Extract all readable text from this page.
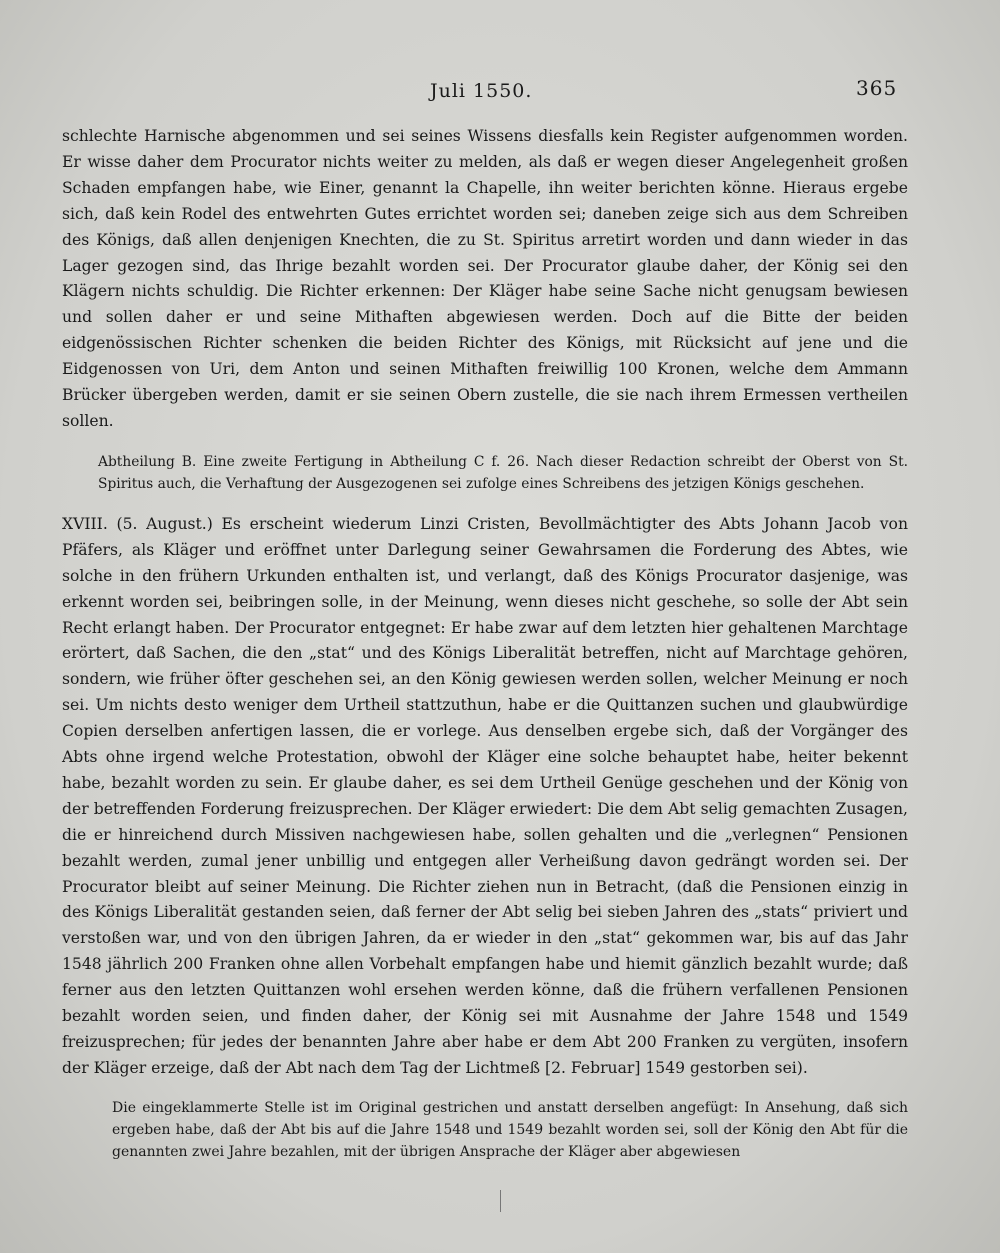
Juli 1550.	365

schlechte Harnische abgenommen und sei seines Wissens diesfalls kein Register aufgenommen worden. Er wisse daher dem Procurator nichts weiter zu melden, als daß er wegen dieser Angelegenheit großen Schaden empfangen habe, wie Einer, genannt la Chapelle, ihn weiter berichten könne. Hieraus ergebe sich, daß kein Rodel des entwehrten Gutes errichtet worden sei; daneben zeige sich aus dem Schreiben des Königs, daß allen denjenigen Knechten, die zu St. Spiritus arretirt worden und dann wieder in das Lager gezogen sind, das Ihrige bezahlt worden sei. Der Procurator glaube daher, der König sei den Klägern nichts schuldig. Die Richter erkennen: Der Kläger habe seine Sache nicht genugsam bewiesen und sollen daher er und seine Mithaften abgewiesen werden. Doch auf die Bitte der beiden eidgenössischen Richter schenken die beiden Richter des Königs, mit Rücksicht auf jene und die Eidgenossen von Uri, dem Anton und seinen Mithaften freiwillig 100 Kronen, welche dem Ammann Brücker übergeben werden, damit er sie seinen Obern zustelle, die sie nach ihrem Ermessen vertheilen sollen.

Abtheilung B. Eine zweite Fertigung in Abtheilung C f. 26. Nach dieser Redaction schreibt der Oberst von St. Spiritus auch, die Verhaftung der Ausgezogenen sei zufolge eines Schreibens des jetzigen Königs geschehen.

XVIII. (5. August.) Es erscheint wiederum Linzi Cristen, Bevollmächtigter des Abts Johann Jacob von Pfäfers, als Kläger und eröffnet unter Darlegung seiner Gewahrsamen die Forderung des Abtes, wie solche in den frühern Urkunden enthalten ist, und verlangt, daß des Königs Procurator dasjenige, was erkennt worden sei, beibringen solle, in der Meinung, wenn dieses nicht geschehe, so solle der Abt sein Recht erlangt haben. Der Procurator entgegnet: Er habe zwar auf dem letzten hier gehaltenen Marchtage erörtert, daß Sachen, die den „stat“ und des Königs Liberalität betreffen, nicht auf Marchtage gehören, sondern, wie früher öfter geschehen sei, an den König gewiesen werden sollen, welcher Meinung er noch sei. Um nichts desto weniger dem Urtheil stattzuthun, habe er die Quittanzen suchen und glaubwürdige Copien derselben anfertigen lassen, die er vorlege. Aus denselben ergebe sich, daß der Vorgänger des Abts ohne irgend welche Protestation, obwohl der Kläger eine solche behauptet habe, heiter bekennt habe, bezahlt worden zu sein. Er glaube daher, es sei dem Urtheil Genüge geschehen und der König von der betreffenden Forderung freizusprechen. Der Kläger erwiedert: Die dem Abt selig gemachten Zusagen, die er hinreichend durch Missiven nachgewiesen habe, sollen gehalten und die „verlegnen“ Pensionen bezahlt werden, zumal jener unbillig und entgegen aller Verheißung davon gedrängt worden sei. Der Procurator bleibt auf seiner Meinung. Die Richter ziehen nun in Betracht, (daß die Pensionen einzig in des Königs Liberalität gestanden seien, daß ferner der Abt selig bei sieben Jahren des „stats“ priviert und verstoßen war, und von den übrigen Jahren, da er wieder in den „stat“ gekommen war, bis auf das Jahr 1548 jährlich 200 Franken ohne allen Vorbehalt empfangen habe und hiemit gänzlich bezahlt wurde; daß ferner aus den letzten Quittanzen wohl ersehen werden könne, daß die frühern verfallenen Pensionen bezahlt worden seien, und finden daher, der König sei mit Ausnahme der Jahre 1548 und 1549 freizusprechen; für jedes der benannten Jahre aber habe er dem Abt 200 Franken zu vergüten, insofern der Kläger erzeige, daß der Abt nach dem Tag der Lichtmeß [2. Februar] 1549 gestorben sei).

Die eingeklammerte Stelle ist im Original gestrichen und anstatt derselben angefügt: In Ansehung, daß sich ergeben habe, daß der Abt bis auf die Jahre 1548 und 1549 bezahlt worden sei, soll der König den Abt für die genannten zwei Jahre bezahlen, mit der übrigen Ansprache der Kläger aber abgewiesen
